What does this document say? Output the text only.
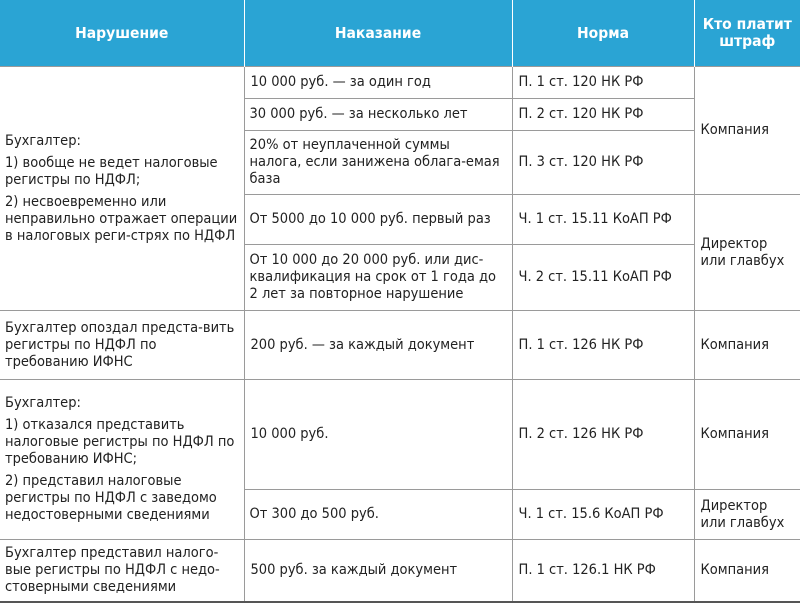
Нарушение	Наказание	Норма	Кто платит штраф

Бухгалтер:

1) вообще не ведет налоговые регистры по НДФЛ;

2) несвоевременно или неправильно отражает операции в налоговых реги-стрях по НДФЛ	10 000 руб. — за один год	П. 1 ст. 120 НК РФ	Компания
	30 000 руб. — за несколько лет	П. 2 ст. 120 НК РФ	
	20% от неуплаченной суммы налога, если занижена облага-емая база	П. 3 ст. 120 НК РФ	
	От 5000 до 10 000 руб. первый раз	Ч. 1 ст. 15.11 КоАП РФ	Директор или главбух
	От 10 000 до 20 000 руб. или дис-квалификация на срок от 1 года до 2 лет за повторное нарушение	Ч. 2 ст. 15.11 КоАП РФ	
Бухгалтер опоздал предста-вить регистры по НДФЛ по требованию ИФНС	200 руб. — за каждый документ	П. 1 ст. 126 НК РФ	Компания

Бухгалтер:

1) отказался представить налоговые регистры по НДФЛ по требованию ИФНС;

2) представил налоговые регистры по НДФЛ с заведомо недостоверными сведениями	10 000 руб.	П. 2 ст. 126 НК РФ	Компания
	От 300 до 500 руб.	Ч. 1 ст. 15.6 КоАП РФ	Директор или главбух
Бухгалтер представил налого-вые регистры по НДФЛ с недо-стоверными сведениями	500 руб. за каждый документ	П. 1 ст. 126.1 НК РФ	Компания
